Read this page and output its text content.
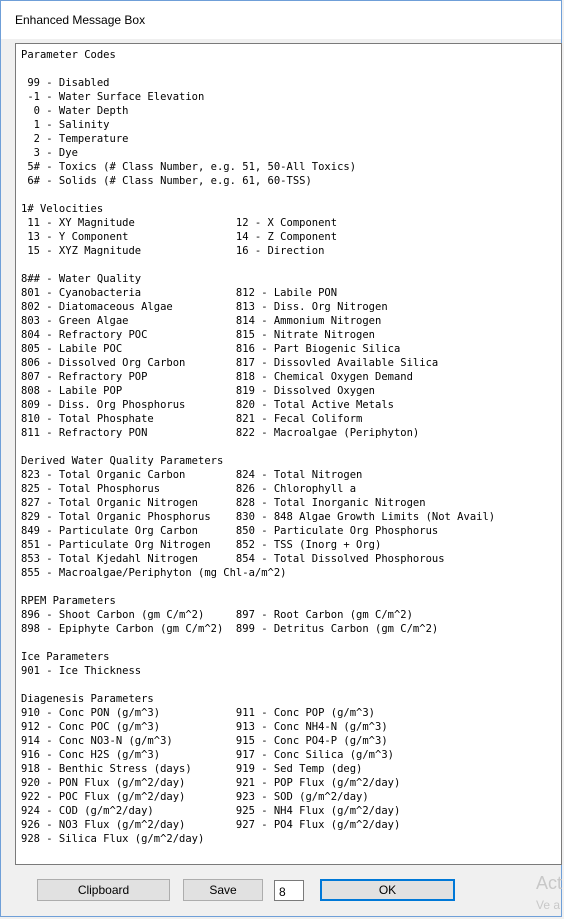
Enhanced Message Box
Parameter Codes

99 - Disabled
-1 - Water Surface Elevation
0 - Water Depth
1 - Salinity
2 - Temperature
3 - Dye
5# - Toxics (# Class Number, e.g. 51, 50-All Toxics)
6# - Solids (# Class Number, e.g. 61, 60-TSS)

1# Velocities
11 - XY Magnitude                12 - X Component
13 - Y Component                 14 - Z Component
15 - XYZ Magnitude               16 - Direction

8## - Water Quality
801 - Cyanobacteria               812 - Labile PON
802 - Diatomaceous Algae          813 - Diss. Org Nitrogen
803 - Green Algae                 814 - Ammonium Nitrogen
804 - Refractory POC              815 - Nitrate Nitrogen
805 - Labile POC                  816 - Part Biogenic Silica
806 - Dissolved Org Carbon        817 - Dissovled Available Silica
807 - Refractory POP              818 - Chemical Oxygen Demand
808 - Labile POP                  819 - Dissolved Oxygen
809 - Diss. Org Phosphorus        820 - Total Active Metals
810 - Total Phosphate             821 - Fecal Coliform
811 - Refractory PON              822 - Macroalgae (Periphyton)

Derived Water Quality Parameters
823 - Total Organic Carbon        824 - Total Nitrogen
825 - Total Phosphorus            826 - Chlorophyll a
827 - Total Organic Nitrogen      828 - Total Inorganic Nitrogen
829 - Total Organic Phosphorus    830 - 848 Algae Growth Limits (Not Avail)
849 - Particulate Org Carbon      850 - Particulate Org Phosphorus
851 - Particulate Org Nitrogen    852 - TSS (Inorg + Org)
853 - Total Kjedahl Nitrogen      854 - Total Dissolved Phosphorous
855 - Macroalgae/Periphyton (mg Chl-a/m^2)

RPEM Parameters
896 - Shoot Carbon (gm C/m^2)     897 - Root Carbon (gm C/m^2)
898 - Epiphyte Carbon (gm C/m^2)  899 - Detritus Carbon (gm C/m^2)

Ice Parameters
901 - Ice Thickness

Diagenesis Parameters
910 - Conc PON (g/m^3)            911 - Conc POP (g/m^3)
912 - Conc POC (g/m^3)            913 - Conc NH4-N (g/m^3)
914 - Conc NO3-N (g/m^3)          915 - Conc PO4-P (g/m^3)
916 - Conc H2S (g/m^3)            917 - Conc Silica (g/m^3)
918 - Benthic Stress (days)       919 - Sed Temp (deg)
920 - PON Flux (g/m^2/day)        921 - POP Flux (g/m^2/day)
922 - POC Flux (g/m^2/day)        923 - SOD (g/m^2/day)
924 - COD (g/m^2/day)             925 - NH4 Flux (g/m^2/day)
926 - NO3 Flux (g/m^2/day)        927 - PO4 Flux (g/m^2/day)
928 - Silica Flux (g/m^2/day)

Clipboard	Save
8	OK	Act
Ve a
